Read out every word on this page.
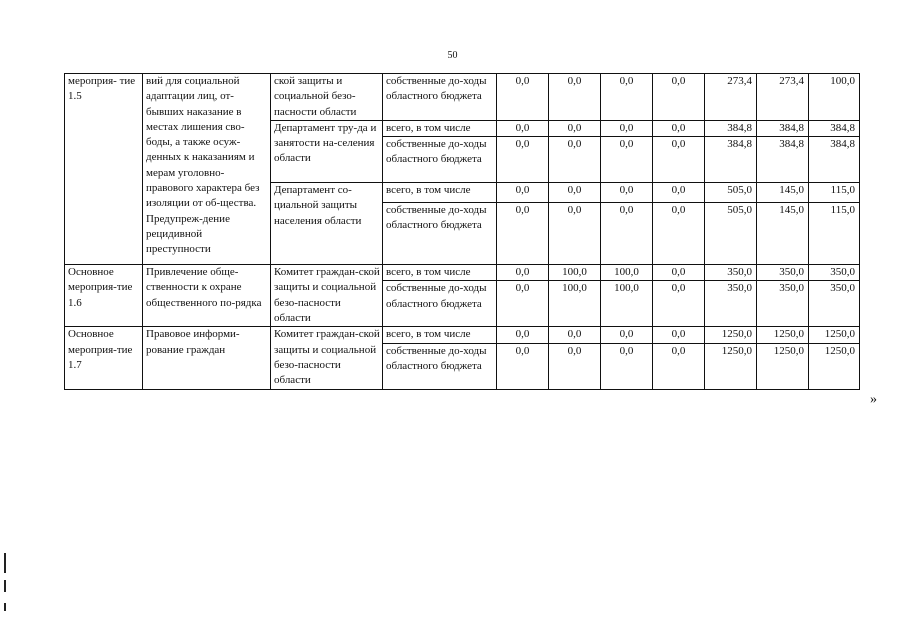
50
мероприя- тие 1.5	вий для социальной адаптации лиц, от-бывших наказание в местах лишения сво-боды, а также осуж-денных к наказаниям и мерам уголовно-правового характера без изоляции от об-щества. Предупреж-дение рецидивной преступности	ской защиты и социальной безо-пасности области	собственные до-ходы областного бюджета	0,0	0,0	0,0	0,0	273,4	273,4	100,0
		Департамент тру-да и занятости на-селения области	всего, в том числе	0,0	0,0	0,0	0,0	384,8	384,8	384,8
			собственные до-ходы областного бюджета	0,0	0,0	0,0	0,0	384,8	384,8	384,8
		Департамент со-циальной защиты населения области	всего, в том числе	0,0	0,0	0,0	0,0	505,0	145,0	115,0
			собственные до-ходы областного бюджета	0,0	0,0	0,0	0,0	505,0	145,0	115,0
Основное мероприя-тие 1.6	Привлечение обще-ственности к охране общественного по-рядка	Комитет граждан-ской защиты и социальной безо-пасности области	всего, в том числе	0,0	100,0	100,0	0,0	350,0	350,0	350,0
			собственные до-ходы областного бюджета	0,0	100,0	100,0	0,0	350,0	350,0	350,0
Основное мероприя-тие 1.7	Правовое информи-рование граждан	Комитет граждан-ской защиты и социальной безо-пасности области	всего, в том числе	0,0	0,0	0,0	0,0	1250,0	1250,0	1250,0
			собственные до-ходы областного бюджета	0,0	0,0	0,0	0,0	1250,0	1250,0	1250,0
»
